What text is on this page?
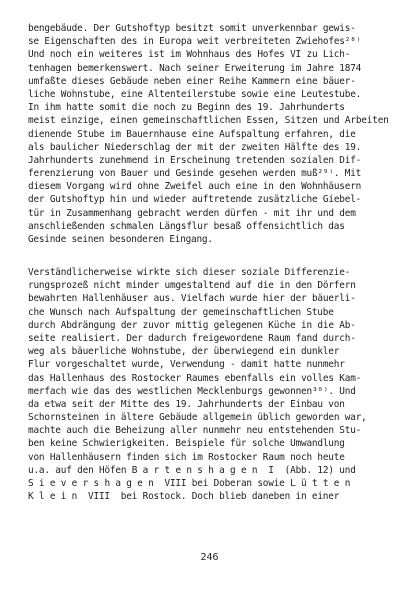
bengebäude. Der Gutshoftyp besitzt somit unverkennbar gewis-
se Eigenschaften des in Europa weit verbreiteten Zwiehofes²⁸⁾
Und noch ein weiteres ist im Wohnhaus des Hofes VI zu Lich-
tenhagen bemerkenswert. Nach seiner Erweiterung im Jahre 1874
umfaßte dieses Gebäude neben einer Reihe Kammern eine bäuer-
liche Wohnstube, eine Altenteilerstube sowie eine Leutestube.
In ihm hatte somit die noch zu Beginn des 19. Jahrhunderts
meist einzige, einen gemeinschaftlichen Essen, Sitzen und Arbeiten
dienende Stube im Bauernhause eine Aufspaltung erfahren, die
als baulicher Niederschlag der mit der zweiten Hälfte des 19.
Jahrhunderts zunehmend in Erscheinung tretenden sozialen Dif-
ferenzierung von Bauer und Gesinde gesehen werden muß²⁹⁾. Mit
diesem Vorgang wird ohne Zweifel auch eine in den Wohnhäusern
der Gutshoftyp hin und wieder auftretende zusätzliche Giebel-
tür in Zusammenhang gebracht werden dürfen - mit ihr und dem
anschließenden schmalen Längsflur besaß offensichtlich das
Gesinde seinen besonderen Eingang.
Verständlicherweise wirkte sich dieser soziale Differenzie-
rungsprozeß nicht minder umgestaltend auf die in den Dörfern
bewahrten Hallenhäuser aus. Vielfach wurde hier der bäuerli-
che Wunsch nach Aufspaltung der gemeinschaftlichen Stube
durch Abdrängung der zuvor mittig gelegenen Küche in die Ab-
seite realisiert. Der dadurch freigewordene Raum fand durch-
weg als bäuerliche Wohnstube, der überwiegend ein dunkler
Flur vorgeschaltet wurde, Verwendung - damit hatte nunmehr
das Hallenhaus des Rostocker Raumes ebenfalls ein volles Kam-
merfach wie das des westlichen Mecklenburgs gewonnen³⁰⁾. Und
da etwa seit der Mitte des 19. Jahrhunderts der Einbau von
Schornsteinen in ältere Gebäude allgemein üblich geworden war,
machte auch die Beheizung aller nunmehr neu entstehenden Stu-
ben keine Schwierigkeiten. Beispiele für solche Umwandlung
von Hallenhäusern finden sich im Rostocker Raum noch heute
u.a. auf den Höfen B a r t e n s h a g e n  I  (Abb. 12) und
S i e v e r s h a g e n  VIII bei Doberan sowie L ü t t e n
K l e i n  VIII  bei Rostock. Doch blieb daneben in einer
246
